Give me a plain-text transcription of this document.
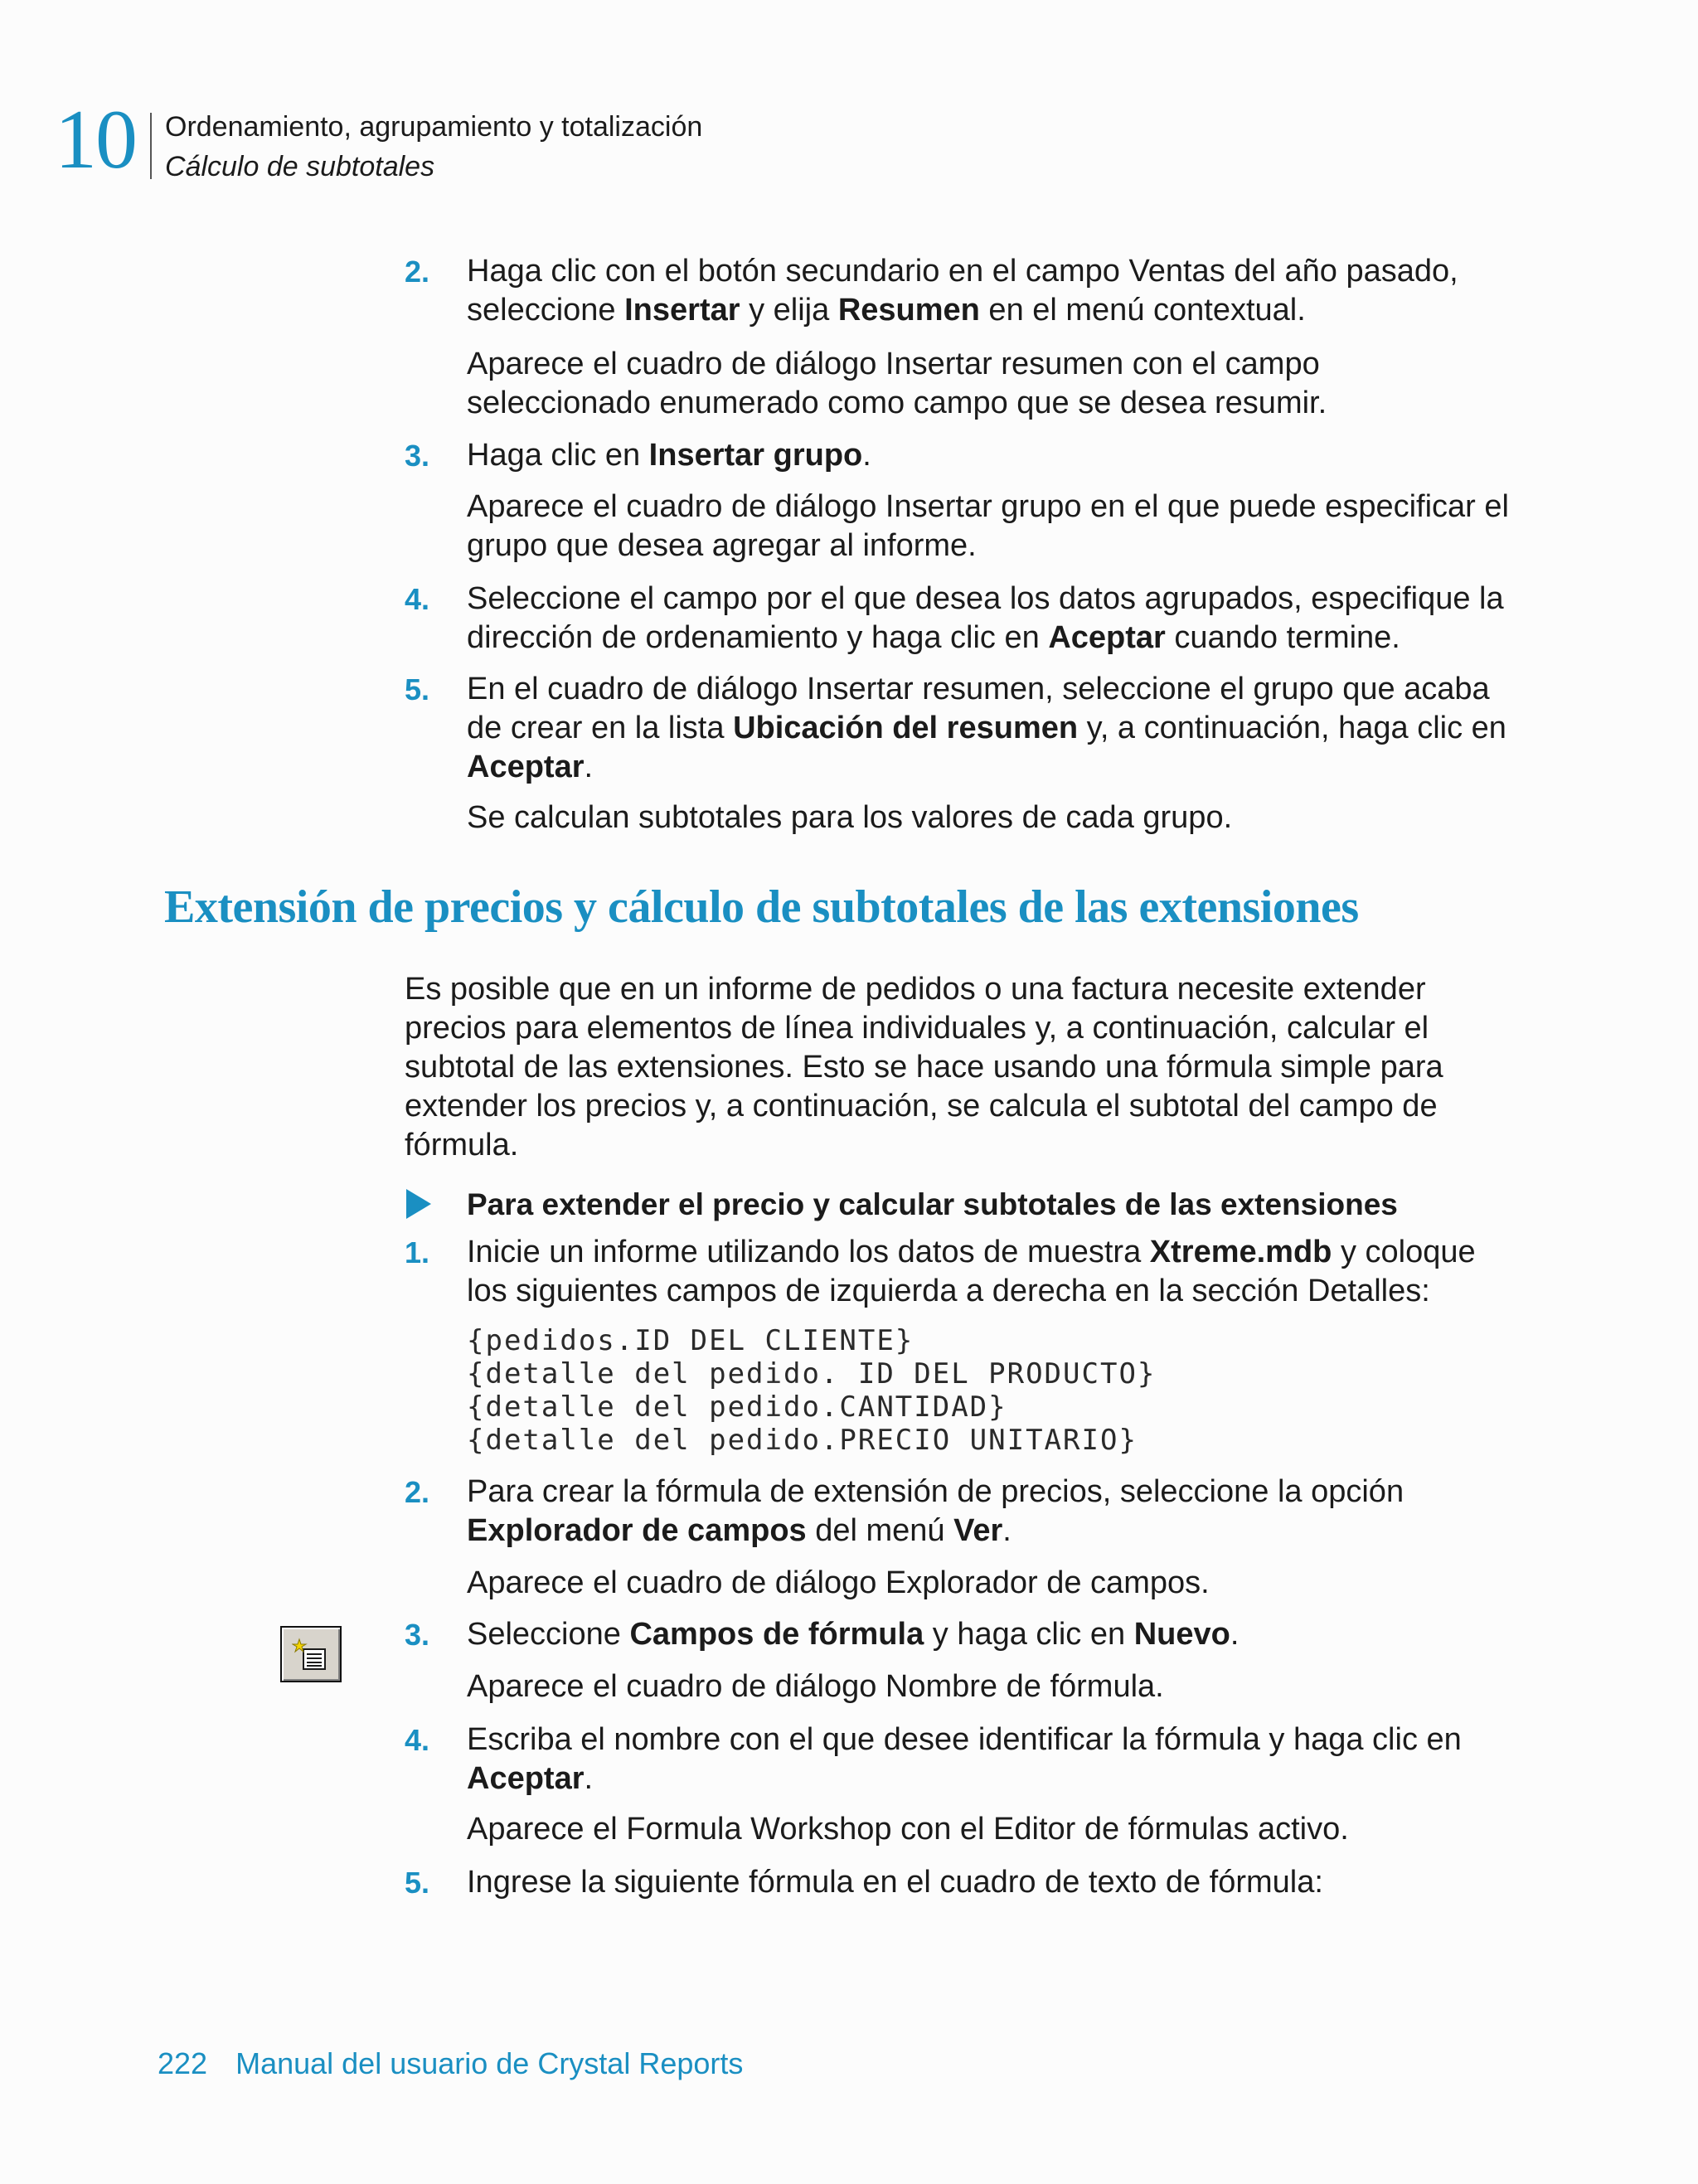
10 Ordenamiento, agrupamiento y totalización
Cálculo de subtotales
2. Haga clic con el botón secundario en el campo Ventas del año pasado, seleccione Insertar y elija Resumen en el menú contextual.
Aparece el cuadro de diálogo Insertar resumen con el campo seleccionado enumerado como campo que se desea resumir.
3. Haga clic en Insertar grupo.
Aparece el cuadro de diálogo Insertar grupo en el que puede especificar el grupo que desea agregar al informe.
4. Seleccione el campo por el que desea los datos agrupados, especifique la dirección de ordenamiento y haga clic en Aceptar cuando termine.
5. En el cuadro de diálogo Insertar resumen, seleccione el grupo que acaba de crear en la lista Ubicación del resumen y, a continuación, haga clic en Aceptar.
Se calculan subtotales para los valores de cada grupo.
Extensión de precios y cálculo de subtotales de las extensiones
Es posible que en un informe de pedidos o una factura necesite extender precios para elementos de línea individuales y, a continuación, calcular el subtotal de las extensiones. Esto se hace usando una fórmula simple para extender los precios y, a continuación, se calcula el subtotal del campo de fórmula.
Para extender el precio y calcular subtotales de las extensiones
1. Inicie un informe utilizando los datos de muestra Xtreme.mdb y coloque los siguientes campos de izquierda a derecha en la sección Detalles:
{pedidos.ID DEL CLIENTE}
{detalle del pedido. ID DEL PRODUCTO}
{detalle del pedido.CANTIDAD}
{detalle del pedido.PRECIO UNITARIO}
2. Para crear la fórmula de extensión de precios, seleccione la opción Explorador de campos del menú Ver.
Aparece el cuadro de diálogo Explorador de campos.
3. Seleccione Campos de fórmula y haga clic en Nuevo.
Aparece el cuadro de diálogo Nombre de fórmula.
4. Escriba el nombre con el que desee identificar la fórmula y haga clic en Aceptar.
Aparece el Formula Workshop con el Editor de fórmulas activo.
5. Ingrese la siguiente fórmula en el cuadro de texto de fórmula:
222 Manual del usuario de Crystal Reports
